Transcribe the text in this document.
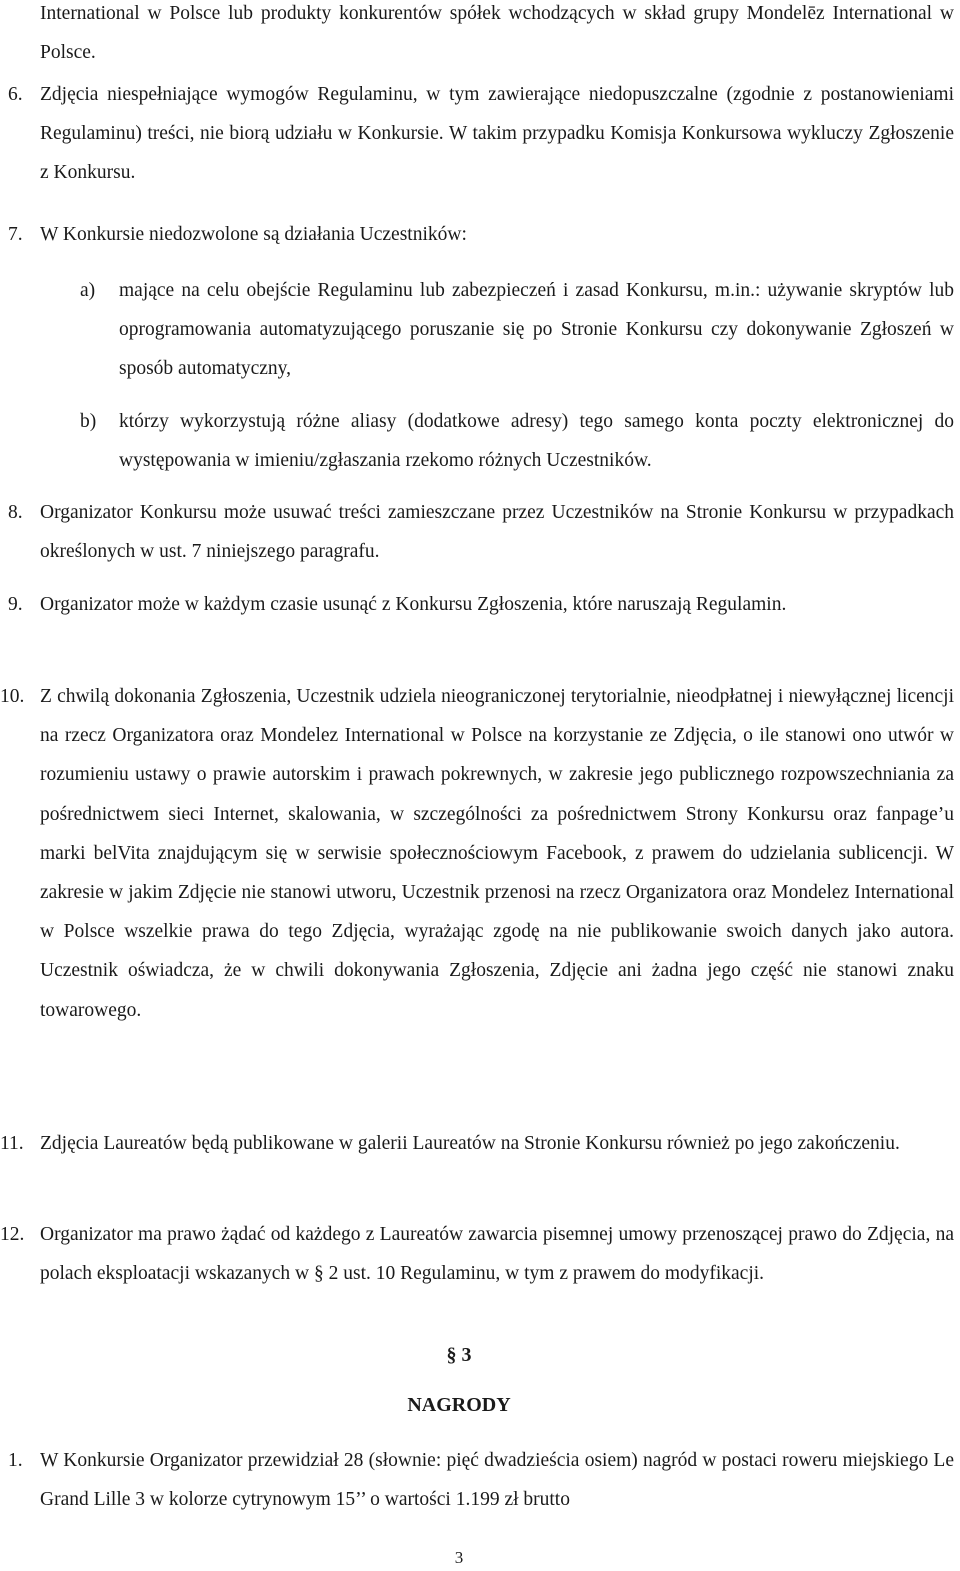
International w Polsce lub produkty konkurentów spółek wchodzących w skład grupy Mondelēz International w Polsce.
6. Zdjęcia niespełniające wymogów Regulaminu, w tym zawierające niedopuszczalne (zgodnie z postanowieniami Regulaminu) treści, nie biorą udziału w Konkursie. W takim przypadku Komisja Konkursowa wykluczy Zgłoszenie z Konkursu.
7. W Konkursie niedozwolone są działania Uczestników:
a) mające na celu obejście Regulaminu lub zabezpieczeń i zasad Konkursu, m.in.: używanie skryptów lub oprogramowania automatyzującego poruszanie się po Stronie Konkursu czy dokonywanie Zgłoszeń w sposób automatyczny,
b) którzy wykorzystują różne aliasy (dodatkowe adresy) tego samego konta poczty elektronicznej do występowania w imieniu/zgłaszania rzekomo różnych Uczestników.
8. Organizator Konkursu może usuwać treści zamieszczane przez Uczestników na Stronie Konkursu w przypadkach określonych w ust. 7 niniejszego paragrafu.
9. Organizator może w każdym czasie usunąć z Konkursu Zgłoszenia, które naruszają Regulamin.
10. Z chwilą dokonania Zgłoszenia, Uczestnik udziela nieograniczonej terytorialnie, nieodpłatnej i niewyłącznej licencji na rzecz Organizatora oraz Mondelez International w Polsce na korzystanie ze Zdjęcia, o ile stanowi ono utwór w rozumieniu ustawy o prawie autorskim i prawach pokrewnych, w zakresie jego publicznego rozpowszechniania za pośrednictwem sieci Internet, skalowania, w szczególności za pośrednictwem Strony Konkursu oraz fanpage’u marki belVita znajdującym się w serwisie społecznościowym Facebook, z prawem do udzielania sublicencji. W zakresie w jakim Zdjęcie nie stanowi utworu, Uczestnik przenosi na rzecz Organizatora oraz Mondelez International w Polsce wszelkie prawa do tego Zdjęcia, wyrażając zgodę na nie publikowanie swoich danych jako autora. Uczestnik oświadcza, że w chwili dokonywania Zgłoszenia, Zdjęcie ani żadna jego część nie stanowi znaku towarowego.
11. Zdjęcia Laureatów będą publikowane w galerii Laureatów na Stronie Konkursu również po jego zakończeniu.
12. Organizator ma prawo żądać od każdego z Laureatów zawarcia pisemnej umowy przenoszącej prawo do Zdjęcia, na polach eksploatacji wskazanych w § 2 ust. 10 Regulaminu, w tym z prawem do modyfikacji.
§ 3
NAGRODY
1. W Konkursie Organizator przewidział 28 (słownie: pięć dwadzieścia osiem) nagród w postaci roweru miejskiego Le Grand Lille 3 w kolorze cytrynowym 15’’ o wartości 1.199 zł brutto
3
